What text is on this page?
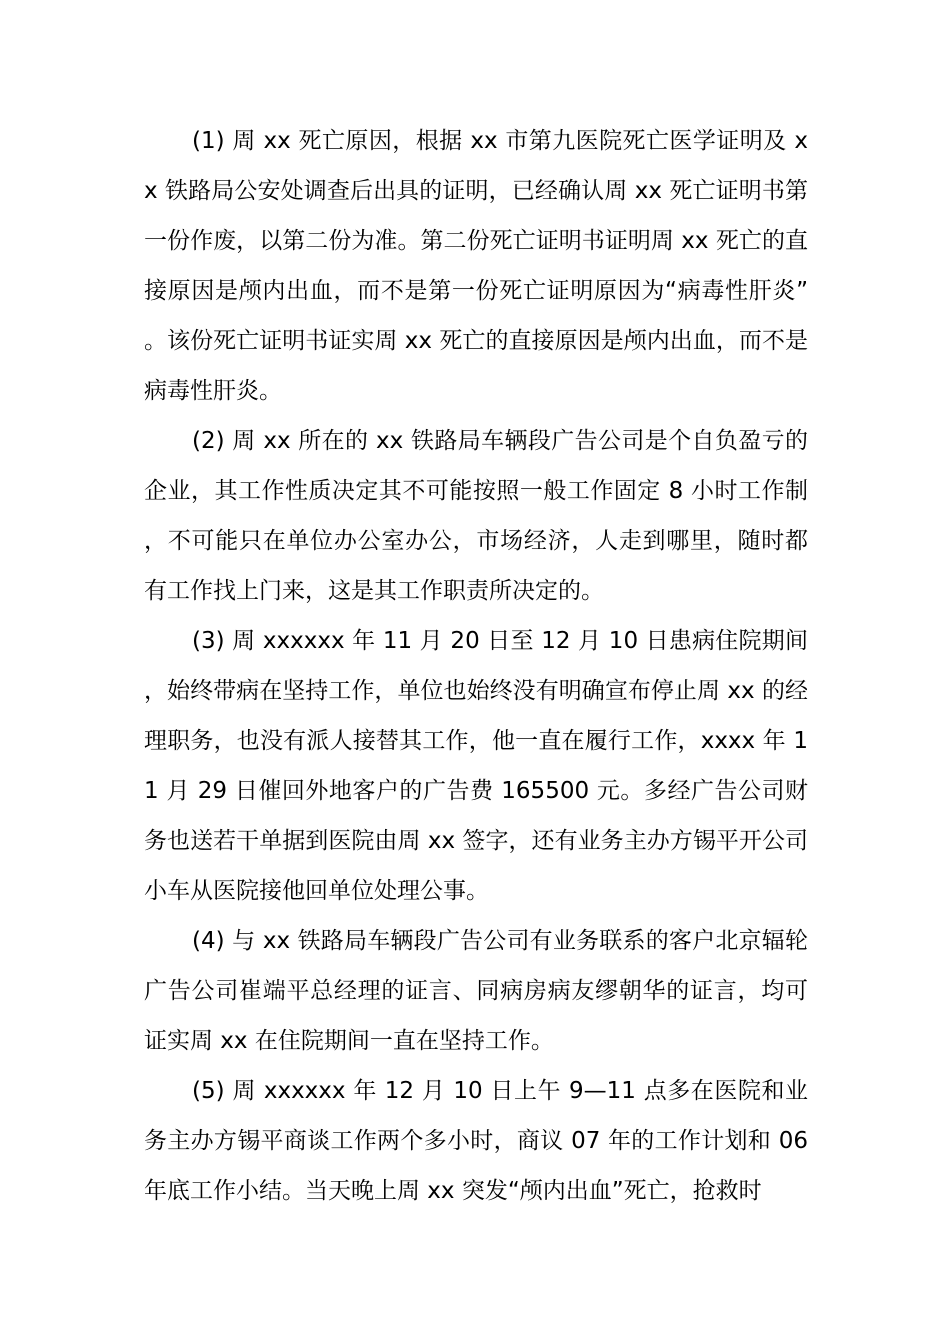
(1) 周 xx 死亡原因，根据 xx 市第九医院死亡医学证明及 xx 铁路局公安处调查后出具的证明，已经确认周 xx 死亡证明书第一份作废，以第二份为准。第二份死亡证明书证明周 xx 死亡的直接原因是颅内出血，而不是第一份死亡证明原因为“病毒性肝炎”。该份死亡证明书证实周 xx 死亡的直接原因是颅内出血，而不是病毒性肝炎。

(2) 周 xx 所在的 xx 铁路局车辆段广告公司是个自负盈亏的企业，其工作性质决定其不可能按照一般工作固定 8 小时工作制，不可能只在单位办公室办公，市场经济，人走到哪里，随时都有工作找上门来，这是其工作职责所决定的。

(3) 周 xxxxxx 年 11 月 20 日至 12 月 10 日患病住院期间，始终带病在坚持工作，单位也始终没有明确宣布停止周 xx 的经理职务，也没有派人接替其工作，他一直在履行工作，xxxx 年 11 月 29 日催回外地客户的广告费 165500 元。多经广告公司财务也送若干单据到医院由周 xx 签字，还有业务主办方锡平开公司小车从医院接他回单位处理公事。

(4) 与 xx 铁路局车辆段广告公司有业务联系的客户北京辐轮广告公司崔端平总经理的证言、同病房病友缪朝华的证言，均可证实周 xx 在住院期间一直在坚持工作。

(5) 周 xxxxxx 年 12 月 10 日上午 9—11 点多在医院和业务主办方锡平商谈工作两个多小时，商议 07 年的工作计划和 06 年底工作小结。当天晚上周 xx 突发“颅内出血”死亡，抢救时
